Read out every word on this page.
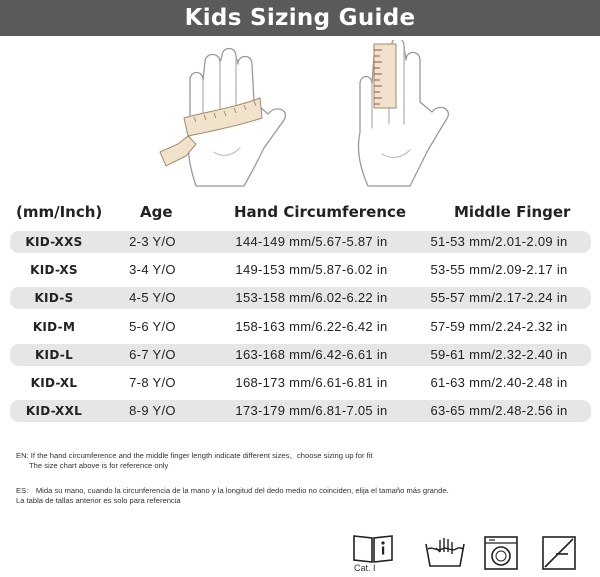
Kids Sizing Guide
(mm/Inch)	Age	Hand Circumference	Middle Finger
KID-XXS	2-3 Y/O	144-149 mm/5.67-5.87 in	51-53 mm/2.01-2.09 in
KID-XS	3-4 Y/O	149-153 mm/5.87-6.02 in	53-55 mm/2.09-2.17 in
KID-S	4-5 Y/O	153-158 mm/6.02-6.22 in	55-57 mm/2.17-2.24 in
KID-M	5-6 Y/O	158-163 mm/6.22-6.42 in	57-59 mm/2.24-2.32 in
KID-L	6-7 Y/O	163-168 mm/6.42-6.61 in	59-61 mm/2.32-2.40 in
KID-XL	7-8 Y/O	168-173 mm/6.61-6.81 in	61-63 mm/2.40-2.48 in
KID-XXL	8-9 Y/O	173-179 mm/6.81-7.05 in	63-65 mm/2.48-2.56 in
EN: If the hand circumference and the middle finger length indicate different sizes、choose sizing up for fit
The size chart above is for reference only
ES： Mida su mano, cuando la circunferencia de la mano y la longitud del dedo medio no coinciden, elija el tamaño más grande.
La tabla de tallas anterior es solo para referencia
Cat. I
